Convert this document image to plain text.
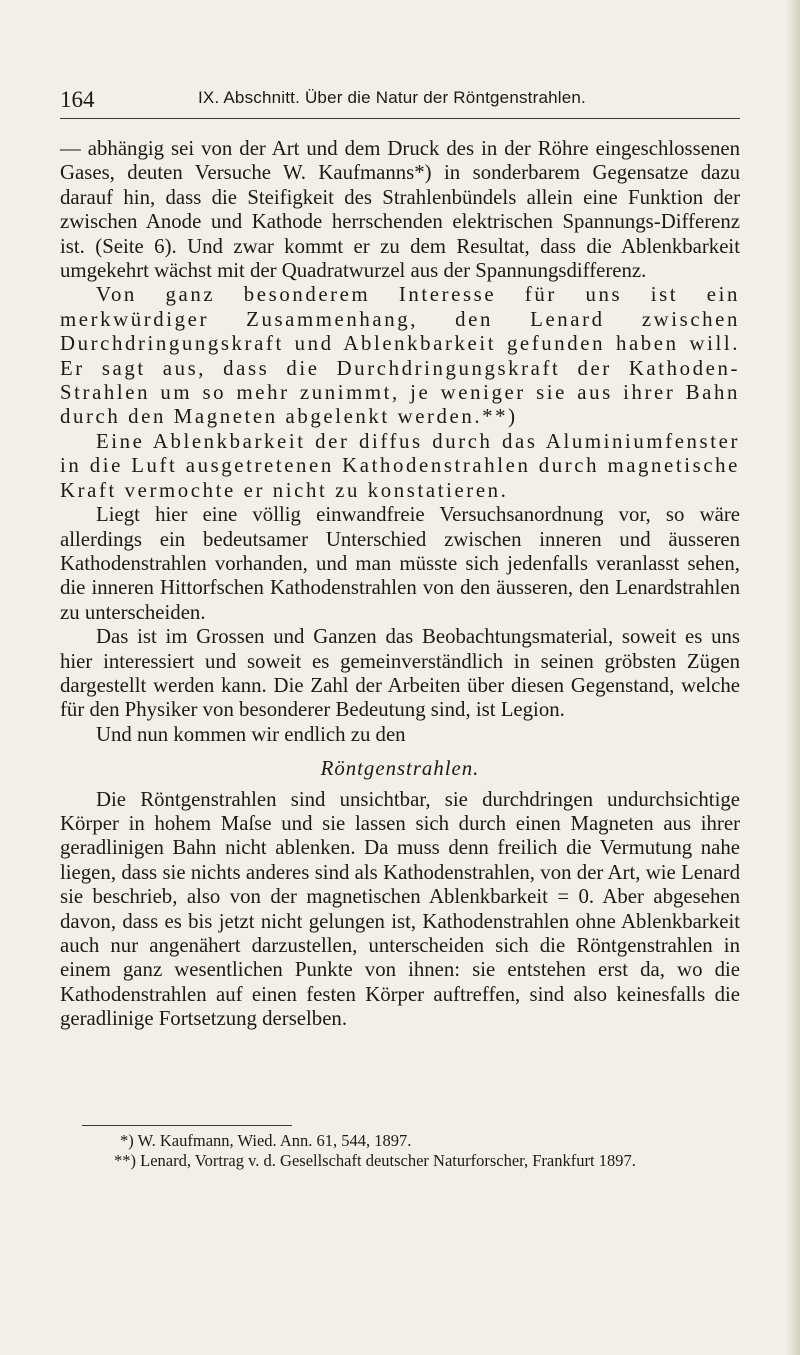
164	IX. Abschnitt. Über die Natur der Röntgenstrahlen.

— abhängig sei von der Art und dem Druck des in der Röhre eingeschlossenen Gases, deuten Versuche W. Kaufmanns*) in sonderbarem Gegensatze dazu darauf hin, dass die Steifigkeit des Strahlenbündels allein eine Funktion der zwischen Anode und Kathode herrschenden elektrischen Spannungs-Differenz ist. (Seite 6). Und zwar kommt er zu dem Resultat, dass die Ablenkbarkeit umgekehrt wächst mit der Quadratwurzel aus der Spannungsdifferenz.

Von ganz besonderem Interesse für uns ist ein merkwürdiger Zusammenhang, den Lenard zwischen Durchdringungskraft und Ablenkbarkeit gefunden haben will. Er sagt aus, dass die Durchdringungskraft der Kathoden-Strahlen um so mehr zunimmt, je weniger sie aus ihrer Bahn durch den Magneten abgelenkt werden.**)

Eine Ablenkbarkeit der diffus durch das Aluminiumfenster in die Luft ausgetretenen Kathodenstrahlen durch magnetische Kraft vermochte er nicht zu konstatieren.

Liegt hier eine völlig einwandfreie Versuchsanordnung vor, so wäre allerdings ein bedeutsamer Unterschied zwischen inneren und äusseren Kathodenstrahlen vorhanden, und man müsste sich jedenfalls veranlasst sehen, die inneren Hittorfschen Kathodenstrahlen von den äusseren, den Lenardstrahlen zu unterscheiden.

Das ist im Grossen und Ganzen das Beobachtungsmaterial, soweit es uns hier interessiert und soweit es gemeinverständlich in seinen gröbsten Zügen dargestellt werden kann. Die Zahl der Arbeiten über diesen Gegenstand, welche für den Physiker von besonderer Bedeutung sind, ist Legion.

Und nun kommen wir endlich zu den

Röntgenstrahlen.

Die Röntgenstrahlen sind unsichtbar, sie durchdringen undurchsichtige Körper in hohem Maſse und sie lassen sich durch einen Magneten aus ihrer geradlinigen Bahn nicht ablenken. Da muss denn freilich die Vermutung nahe liegen, dass sie nichts anderes sind als Kathodenstrahlen, von der Art, wie Lenard sie beschrieb, also von der magnetischen Ablenkbarkeit = 0. Aber abgesehen davon, dass es bis jetzt nicht gelungen ist, Kathodenstrahlen ohne Ablenkbarkeit auch nur angenähert darzustellen, unterscheiden sich die Röntgenstrahlen in einem ganz wesentlichen Punkte von ihnen: sie entstehen erst da, wo die Kathodenstrahlen auf einen festen Körper auftreffen, sind also keinesfalls die geradlinige Fortsetzung derselben.

*) W. Kaufmann, Wied. Ann. 61, 544, 1897.

**) Lenard, Vortrag v. d. Gesellschaft deutscher Naturforscher, Frankfurt 1897.
